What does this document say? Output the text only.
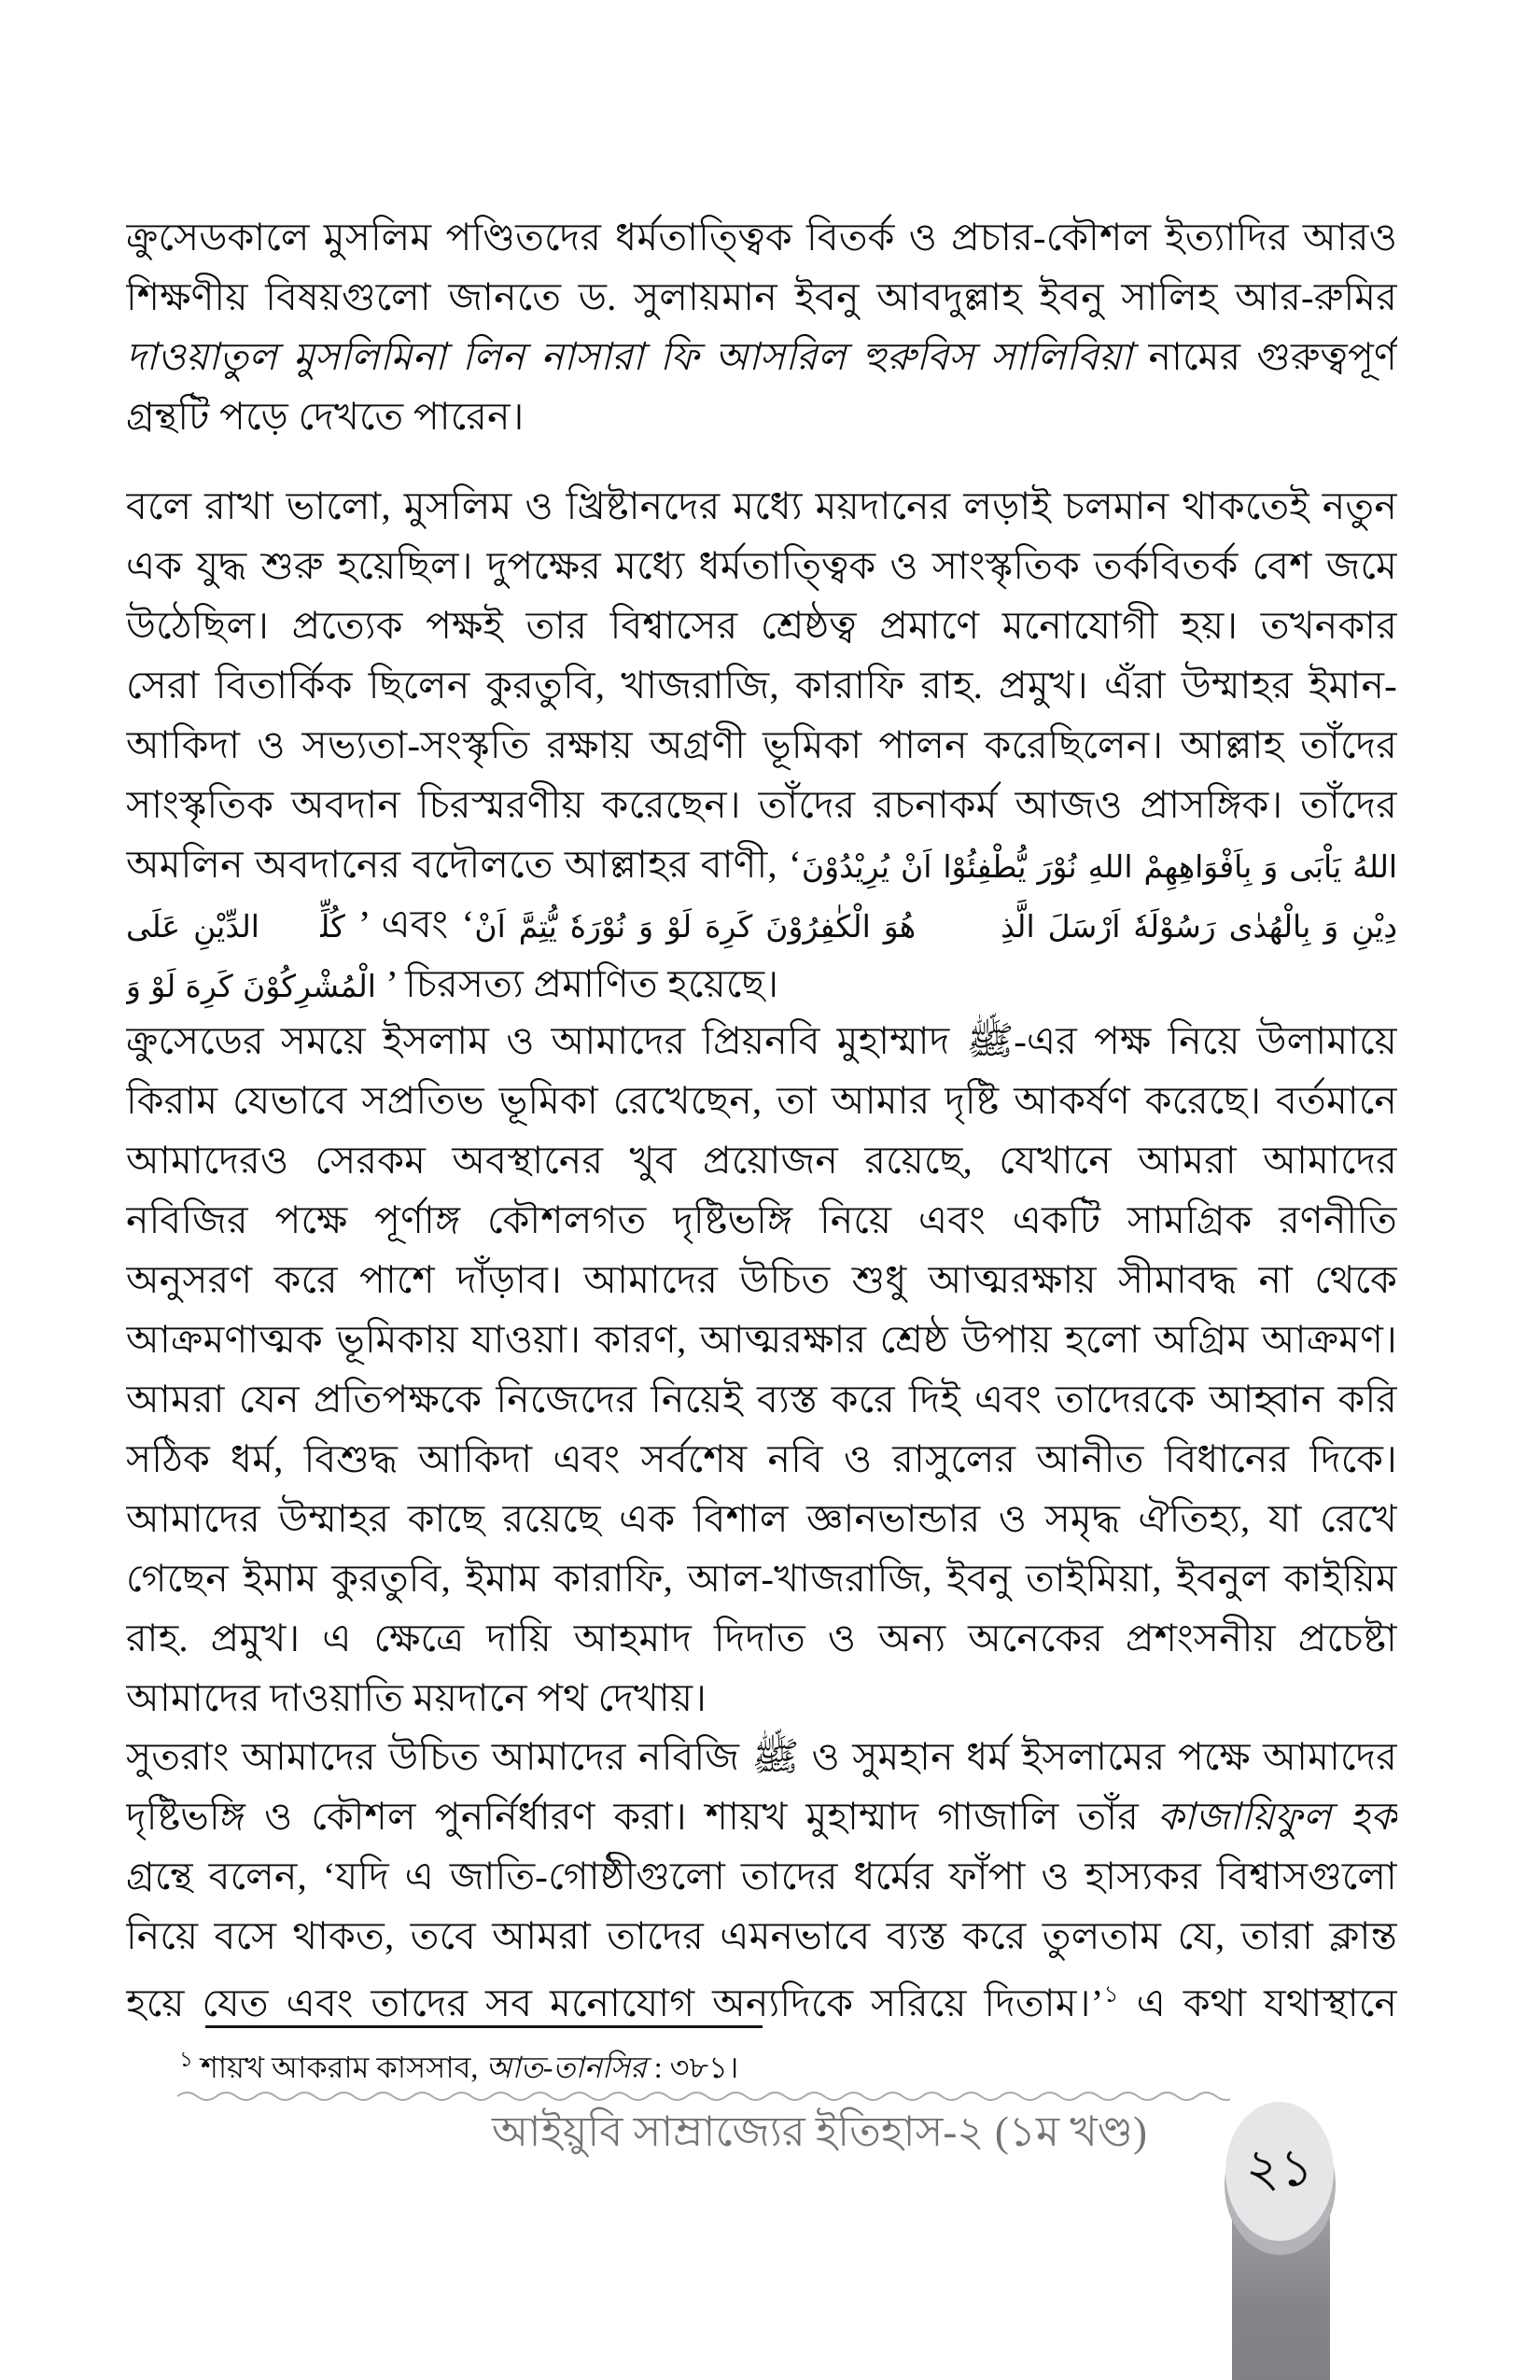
ক্রুসেডকালে মুসলিম পণ্ডিতদের ধর্মতাত্ত্বিক বিতর্ক ও প্রচার-কৌশল ইত্যাদির আরও
শিক্ষণীয় বিষয়গুলো জানতে ড. সুলায়মান ইবনু আবদুল্লাহ ইবনু সালিহ আর-রুমির
দাওয়াতুল মুসলিমিনা লিন নাসারা ফি আসরিল হুরুবিস সালিবিয়া নামের গুরুত্বপূর্ণ
গ্রন্থটি পড়ে দেখতে পারেন।
বলে রাখা ভালো, মুসলিম ও খ্রিষ্টানদের মধ্যে ময়দানের লড়াই চলমান থাকতেই নতুন
এক যুদ্ধ শুরু হয়েছিল। দুপক্ষের মধ্যে ধর্মতাত্ত্বিক ও সাংস্কৃতিক তর্কবিতর্ক বেশ জমে
উঠেছিল। প্রত্যেক পক্ষই তার বিশ্বাসের শ্রেষ্ঠত্ব প্রমাণে মনোযোগী হয়। তখনকার
সেরা বিতার্কিক ছিলেন কুরতুবি, খাজরাজি, কারাফি রাহ. প্রমুখ। এঁরা উম্মাহর ইমান-
আকিদা ও সভ্যতা-সংস্কৃতি রক্ষায় অগ্রণী ভূমিকা পালন করেছিলেন। আল্লাহ তাঁদের
সাংস্কৃতিক অবদান চিরস্মরণীয় করেছেন। তাঁদের রচনাকর্ম আজও প্রাসঙ্গিক। তাঁদের
অমলিন অবদানের বদৌলতে আল্লাহর বাণী, ‘يُرِيْدُوْنَ اَنْ يُّطْفِئُوْا نُوْرَ اللهِ بِاَفْوَاهِهِمْ وَ يَاْبَى اللهُ
عَلَى الدِّيْنِ كُلِّهٖ ’ এবং ‘اَنْ يُّتِمَّ نُوْرَهٗ وَ لَوْ كَرِهَ الْكٰفِرُوْنَ هُوَ الَّذِيْۤ اَرْسَلَ رَسُوْلَهٗ بِالْهُدٰى وَ دِيْنِ
وَ لَوْ كَرِهَ الْمُشْرِكُوْنَ ’ চিরসত্য প্রমাণিত হয়েছে।
ক্রুসেডের সময়ে ইসলাম ও আমাদের প্রিয়নবি মুহাম্মাদ ﷺ-এর পক্ষ নিয়ে উলামায়ে
কিরাম যেভাবে সপ্রতিভ ভূমিকা রেখেছেন, তা আমার দৃষ্টি আকর্ষণ করেছে। বর্তমানে
আমাদেরও সেরকম অবস্থানের খুব প্রয়োজন রয়েছে, যেখানে আমরা আমাদের
নবিজির পক্ষে পূর্ণাঙ্গ কৌশলগত দৃষ্টিভঙ্গি নিয়ে এবং একটি সামগ্রিক রণনীতি
অনুসরণ করে পাশে দাঁড়াব। আমাদের উচিত শুধু আত্মরক্ষায় সীমাবদ্ধ না থেকে
আক্রমণাত্মক ভূমিকায় যাওয়া। কারণ, আত্মরক্ষার শ্রেষ্ঠ উপায় হলো অগ্রিম আক্রমণ।
আমরা যেন প্রতিপক্ষকে নিজেদের নিয়েই ব্যস্ত করে দিই এবং তাদেরকে আহ্বান করি
সঠিক ধর্ম, বিশুদ্ধ আকিদা এবং সর্বশেষ নবি ও রাসুলের আনীত বিধানের দিকে।
আমাদের উম্মাহর কাছে রয়েছে এক বিশাল জ্ঞানভান্ডার ও সমৃদ্ধ ঐতিহ্য, যা রেখে
গেছেন ইমাম কুরতুবি, ইমাম কারাফি, আল-খাজরাজি, ইবনু তাইমিয়া, ইবনুল কাইয়িম
রাহ. প্রমুখ। এ ক্ষেত্রে দায়ি আহমাদ দিদাত ও অন্য অনেকের প্রশংসনীয় প্রচেষ্টা
আমাদের দাওয়াতি ময়দানে পথ দেখায়।
সুতরাং আমাদের উচিত আমাদের নবিজি ﷺ ও সুমহান ধর্ম ইসলামের পক্ষে আমাদের
দৃষ্টিভঙ্গি ও কৌশল পুনর্নির্ধারণ করা। শায়খ মুহাম্মাদ গাজালি তাঁর কাজায়িফুল হক
গ্রন্থে বলেন, ‘যদি এ জাতি-গোষ্ঠীগুলো তাদের ধর্মের ফাঁপা ও হাস্যকর বিশ্বাসগুলো
নিয়ে বসে থাকত, তবে আমরা তাদের এমনভাবে ব্যস্ত করে তুলতাম যে, তারা ক্লান্ত
হয়ে যেত এবং তাদের সব মনোযোগ অন্যদিকে সরিয়ে দিতাম।’$^১$ এ কথা যথাস্থানে
$^১$ শায়খ আকরাম কাসসাব, আত-তানসির : ৩৮১।
আইয়ুবি সাম্রাজ্যের ইতিহাস-২ (১ম খণ্ড)
২১
